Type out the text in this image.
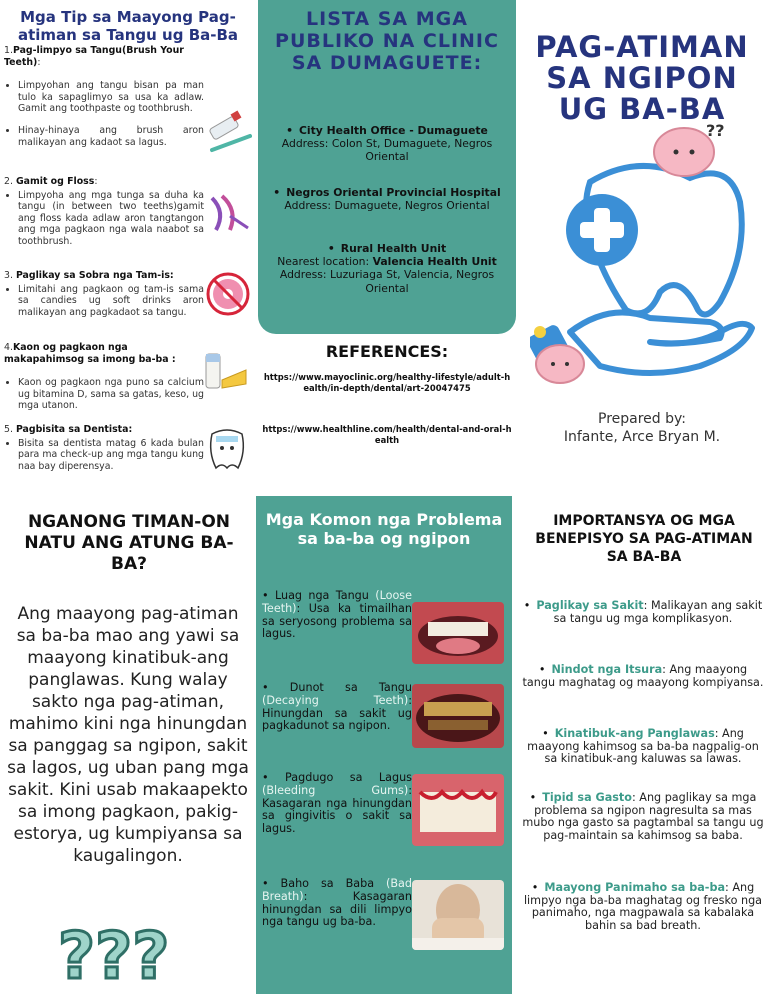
Mga Tip sa Maayong Pag-atiman sa Tangu ug Ba-Ba
1.Pag-limpyo sa Tangu(Brush Your Teeth):
• Limpyohan ang tangu bisan pa man tulo ka sapaglimyo sa usa ka adlaw. Gamit ang toothpaste og toothbrush.
• Hinay-hinaya ang brush aron malikayan ang kadaot sa lagus.
2. Gamit og Floss:
• Limpyoha ang mga tunga sa duha ka tangu (in between two teeths)gamit ang floss kada adlaw aron tangtangon ang mga pagkaon nga wala naabot sa toothbrush.
3. Paglikay sa Sobra nga Tam-is:
• Limitahi ang pagkaon og tam-is sama sa candies ug soft drinks aron malikayan ang pagkadaot sa tangu.
4.Kaon og pagkaon nga makapahimsog sa imong ba-ba :
• Kaon og pagkaon nga puno sa calcium ug bitamina D, sama sa gatas, keso, ug mga utanon.
5. Pagbisita sa Dentista:
• Bisita sa dentista matag 6 kada bulan para ma check-up ang mga tangu kung naa bay diperensya.
LISTA SA MGA PUBLIKO NA CLINIC SA DUMAGUETE:
• City Health Office - Dumaguete
Address: Colon St, Dumaguete, Negros Oriental
• Negros Oriental Provincial Hospital
Address: Dumaguete, Negros Oriental
• Rural Health Unit
Nearest location: Valencia Health Unit
Address: Luzuriaga St, Valencia, Negros Oriental
REFERENCES:
https://www.mayoclinic.org/healthy-lifestyle/adult-health/in-depth/dental/art-20047475
https://www.healthline.com/health/dental-and-oral-health
PAG-ATIMAN SA NGIPON UG BA-BA
??
Prepared by:
Infante, Arce Bryan M.
NGANONG TIMAN-ON NATU ANG ATUNG BA-BA?
Ang maayong pag-atiman sa ba-ba mao ang yawi sa maayong kinatibuk-ang panglawas. Kung walay sakto nga pag-atiman, mahimo kini nga hinungdan sa panggag sa ngipon, sakit sa lagos, ug uban pang mga sakit. Kini usab makaapekto sa imong pagkaon, pakig-estorya, ug kumpiyansa sa kaugalingon.
???
Mga Komon nga Problema sa ba-ba og ngipon
• Luag nga Tangu (Loose Teeth): Usa ka timailhan sa seryosong problema sa lagus.
• Dunot sa Tangu (Decaying Teeth): Hinungdan sa sakit ug pagkadunot sa ngipon.
• Pagdugo sa Lagus (Bleeding Gums): Kasagaran nga hinungdan sa gingivitis o sakit sa lagus.
• Baho sa Baba (Bad Breath): Kasagaran hinungdan sa dili limpyo nga tangu ug ba-ba.
IMPORTANSYA OG MGA BENEPISYO SA PAG-ATIMAN SA BA-BA
• Paglikay sa Sakit: Malikayan ang sakit sa tangu ug mga komplikasyon.
• Nindot nga Itsura: Ang maayong tangu maghatag og maayong kompiyansa.
• Kinatibuk-ang Panglawas: Ang maayong kahimsog sa ba-ba nagpalig-on sa kinatibuk-ang kaluwas sa lawas.
• Tipid sa Gasto: Ang paglikay sa mga problema sa ngipon nagresulta sa mas mubo nga gasto sa pagtambal sa tangu ug pag-maintain sa kahimsog sa baba.
• Maayong Panimaho sa ba-ba: Ang limpyo nga ba-ba maghatag og fresko nga panimaho, nga magpawala sa kabalaka bahin sa bad breath.
